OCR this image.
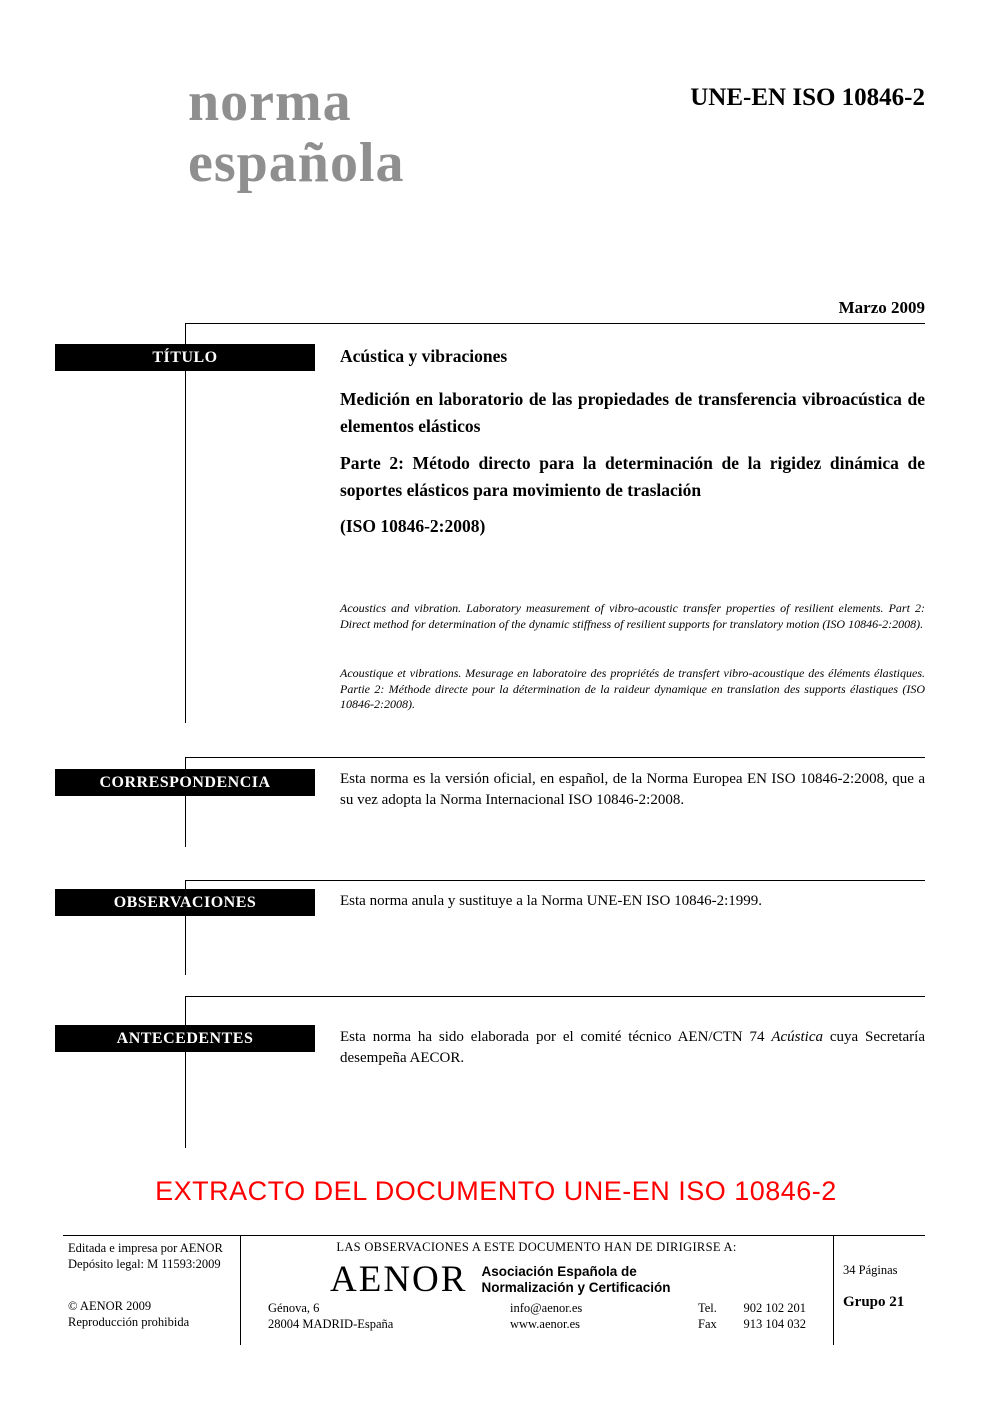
norma
española
UNE-EN ISO 10846-2
Marzo 2009
TÍTULO
CORRESPONDENCIA
OBSERVACIONES
ANTECEDENTES
Acústica y vibraciones
Medición en laboratorio de las propiedades de transferencia vibroacústica de elementos elásticos
Parte 2: Método directo para la determinación de la rigidez dinámica de soportes elásticos para movimiento de traslación
(ISO 10846-2:2008)
Acoustics and vibration. Laboratory measurement of vibro-acoustic transfer properties of resilient elements. Part 2: Direct method for determination of the dynamic stiffness of resilient supports for translatory motion (ISO 10846-2:2008).
Acoustique et vibrations. Mesurage en laboratoire des propriétés de transfert vibro-acoustique des éléments élastiques. Partie 2: Méthode directe pour la détermination de la raideur dynamique en translation des supports élastiques (ISO 10846-2:2008).
Esta norma es la versión oficial, en español, de la Norma Europea EN ISO 10846-2:2008, que a su vez adopta la Norma Internacional ISO 10846-2:2008.
Esta norma anula y sustituye a la Norma UNE-EN ISO 10846-2:1999.
Esta norma ha sido elaborada por el comité técnico AEN/CTN 74 Acústica cuya Secretaría desempeña AECOR.
EXTRACTO DEL DOCUMENTO UNE-EN ISO 10846-2
Editada e impresa por AENOR
Depósito legal: M 11593:2009
© AENOR 2009
Reproducción prohibida
LAS OBSERVACIONES A ESTE DOCUMENTO HAN DE DIRIGIRSE A:
AENOR Asociación Española de
Normalización y Certificación
Génova, 6
28004 MADRID-España
info@aenor.es
www.aenor.es
Tel. 902 102 201
Fax 913 104 032
34 Páginas
Grupo 21
